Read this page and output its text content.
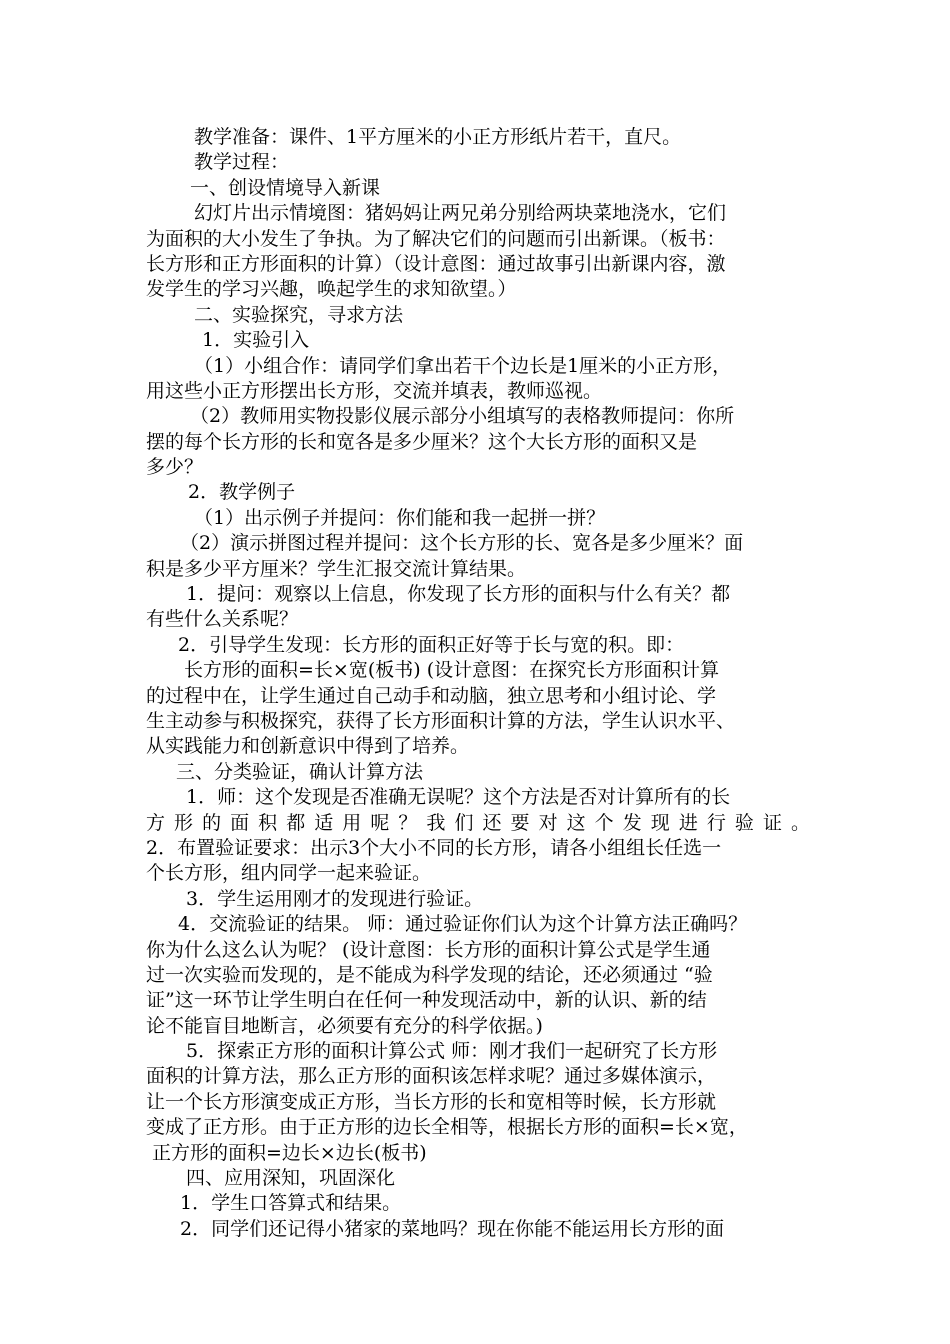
教学准备：课件、1平方厘米的小正方形纸片若干，直尺。
教学过程：
一、创设情境导入新课
幻灯片出示情境图：猪妈妈让两兄弟分别给两块菜地浇水，它们
为面积的大小发生了争执。为了解决它们的问题而引出新课。（板书：
长方形和正方形面积的计算）（设计意图：通过故事引出新课内容，激
发学生的学习兴趣，唤起学生的求知欲望。）
二、实验探究，寻求方法
1．实验引入
（1）小组合作：请同学们拿出若干个边长是1厘米的小正方形，
用这些小正方形摆出长方形，交流并填表，教师巡视。
（2）教师用实物投影仪展示部分小组填写的表格教师提问：你所
摆的每个长方形的长和宽各是多少厘米？这个大长方形的面积又是
多少？
2．教学例子
（1）出示例子并提问：你们能和我一起拼一拼？
（2）演示拼图过程并提问：这个长方形的长、宽各是多少厘米？面
积是多少平方厘米？学生汇报交流计算结果。
1．提问：观察以上信息，你发现了长方形的面积与什么有关？都
有些什么关系呢？
2．引导学生发现：长方形的面积正好等于长与宽的积。即：
长方形的面积=长×宽(板书) (设计意图：在探究长方形面积计算
的过程中在，让学生通过自己动手和动脑，独立思考和小组讨论、学
生主动参与积极探究，获得了长方形面积计算的方法，学生认识水平、
从实践能力和创新意识中得到了培养。
三、分类验证，确认计算方法
1．师：这个发现是否准确无误呢？这个方法是否对计算所有的长
方形的面积都适用呢？我们还要对这个发现进行验证。
2．布置验证要求：出示3个大小不同的长方形，请各小组组长任选一
个长方形，组内同学一起来验证。
3．学生运用刚才的发现进行验证。
4．交流验证的结果。 师：通过验证你们认为这个计算方法正确吗？
你为什么这么认为呢？ (设计意图：长方形的面积计算公式是学生通
过一次实验而发现的，是不能成为科学发现的结论，还必须通过 “验
证”这一环节让学生明白在任何一种发现活动中，新的认识、新的结
论不能盲目地断言，必须要有充分的科学依据。)
5．探索正方形的面积计算公式 师：刚才我们一起研究了长方形
面积的计算方法，那么正方形的面积该怎样求呢？通过多媒体演示，
让一个长方形演变成正方形，当长方形的长和宽相等时候，长方形就
变成了正方形。由于正方形的边长全相等，根据长方形的面积=长×宽，
正方形的面积=边长×边长(板书)
四、应用深知，巩固深化
1．学生口答算式和结果。
2．同学们还记得小猪家的菜地吗？现在你能不能运用长方形的面
